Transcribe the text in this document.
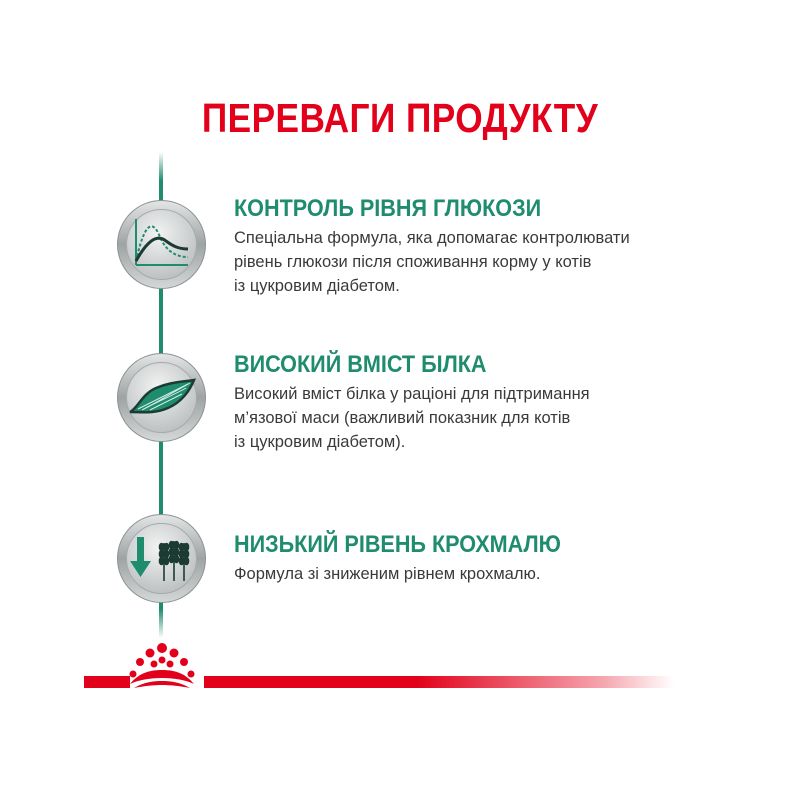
ПЕРЕВАГИ ПРОДУКТУ
КОНТРОЛЬ РІВНЯ ГЛЮКОЗИ
Спеціальна формула, яка допомагає контролювати
рівень глюкози після споживання корму у котів
із цукровим діабетом.
ВИСОКИЙ ВМІСТ БІЛКА
Високий вміст білка у раціоні для підтримання
м’язової маси (важливий показник для котів
із цукровим діабетом).
НИЗЬКИЙ РІВЕНЬ КРОХМАЛЮ
Формула зі зниженим рівнем крохмалю.
